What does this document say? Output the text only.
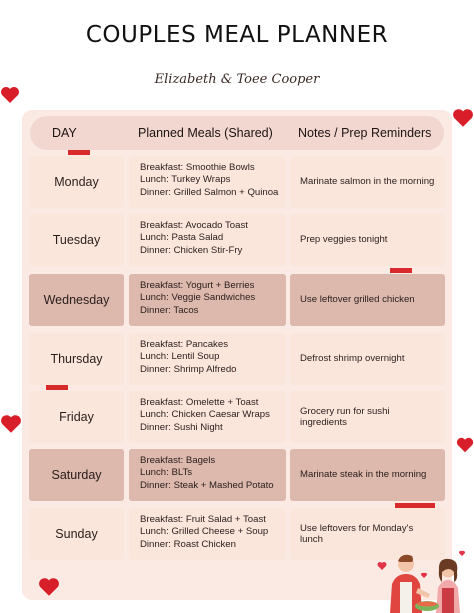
COUPLES MEAL PLANNER
Elizabeth & Toee Cooper
DAY	Planned Meals (Shared) Notes / Prep Reminders
Monday
Breakfast: Smoothie Bowls
Lunch: Turkey Wraps
Dinner: Grilled Salmon + Quinoa
Marinate salmon in the morning
Tuesday
Breakfast: Avocado Toast
Lunch: Pasta Salad
Dinner: Chicken Stir-Fry
Prep veggies tonight
Wednesday
Breakfast: Yogurt + Berries
Lunch: Veggie Sandwiches
Dinner: Tacos
Use leftover grilled chicken
Thursday
Breakfast: Pancakes
Lunch: Lentil Soup
Dinner: Shrimp Alfredo
Defrost shrimp overnight
Friday
Breakfast: Omelette + Toast
Lunch: Chicken Caesar Wraps
Dinner: Sushi Night
Grocery run for sushi ingredients
Saturday
Breakfast: Bagels
Lunch: BLTs
Dinner: Steak + Mashed Potato
Marinate steak in the morning
Sunday
Breakfast: Fruit Salad + Toast
Lunch: Grilled Cheese + Soup
Dinner: Roast Chicken
Use leftovers for Monday's lunch
